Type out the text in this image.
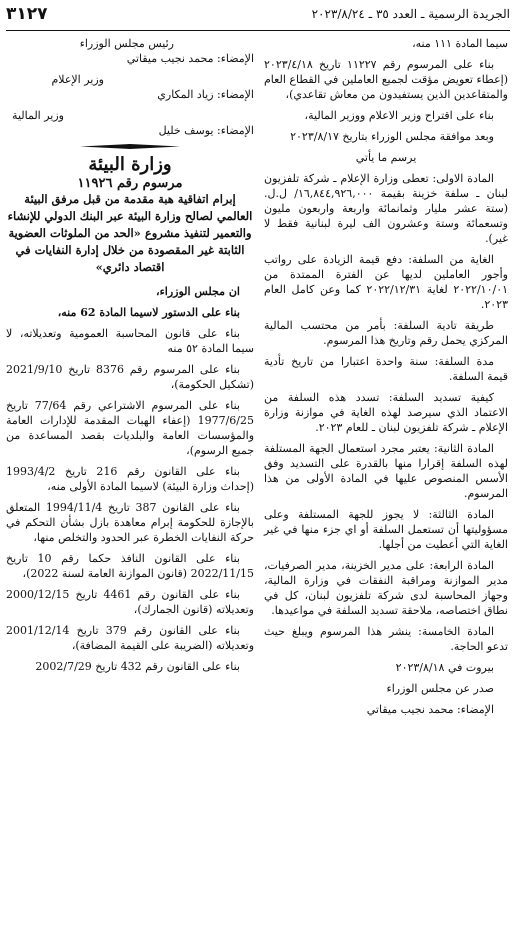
٣١٢٧	الجريدة الرسمية ـ العدد ٣٥ ـ ٢٠٢٣/٨/٢٤

سيما المادة ١١١ منه،

بناء على المرسوم رقم ١١٢٢٧ تاريخ ٢٠٢٣/٤/١٨ (إعطاء تعويض مؤقت لجميع العاملين في القطاع العام والمتقاعدين الذين يستفيدون من معاش تقاعدي)،

بناء على اقتراح وزير الاعلام ووزير المالية،

وبعد موافقة مجلس الوزراء بتاريخ ٢٠٢٣/٨/١٧

يرسم ما يأتي

المادة الاولى: تعطى وزارة الإعلام ـ شركة تلفزيون لبنان ـ سلفة خزينة بقيمة ١٦,٨٤٤,٩٢٦,٠٠٠/ ل.ل. (ستة عشر مليار وثمانمائة واربعة واربعون مليون وتسعمائة وستة وعشرون الف ليرة لبنانية فقط لا غير).

الغاية من السلفة: دفع قيمة الزيادة على رواتب وأجور العاملين لديها عن الفترة الممتدة من ٢٠٢٢/١٠/٠١ لغاية ٢٠٢٢/١٢/٣١ كما وعن كامل العام ٢٠٢٣.

طريقة تادية السلفة: بأمر من محتسب المالية المركزي يحمل رقم وتاريخ هذا المرسوم.

مدة السلفة: سنة واحدة اعتبارا من تاريخ تأدية قيمة السلفة.

كيفية تسديد السلفة: تسدد هذه السلفة من الاعتماد الذي سيرصد لهذه الغاية في موازنة وزارة الإعلام ـ شركة تلفزيون لبنان ـ للعام ٢٠٢٣.

المادة الثانية: يعتبر مجرد استعمال الجهة المستلفة لهذه السلفة إقرارا منها بالقدرة على التسديد وفق الأسس المنصوص عليها في المادة الأولى من هذا المرسوم.

المادة الثالثة: لا يجوز للجهة المستلفة وعلى مسؤوليتها أن تستعمل السلفة أو اي جزء منها في غير الغاية التي أعطيت من أجلها.

المادة الرابعة: على مدير الخزينة، مدير الصرفيات، مدير الموازنة ومراقبة النفقات في وزارة المالية، وجهاز المحاسبة لدى شركة تلفزيون لبنان، كل في نطاق اختصاصه، ملاحقة تسديد السلفة في مواعيدها.

المادة الخامسة: ينشر هذا المرسوم ويبلغ حيث تدعو الحاجة.

بيروت في ٢٠٢٣/٨/١٨

صدر عن مجلس الوزراء

الإمضاء: محمد نجيب ميقاتي

رئيس مجلس الوزراء
الإمضاء: محمد نجيب ميقاتي
وزير الإعلام
الإمضاء: زياد المكاري
وزير المالية
الإمضاء: يوسف خليل
وزارة البيئة
مرسوم رقم ١١٩٢٦
إبرام اتفاقية هبة مقدمة من قبل مرفق البيئة العالمي لصالح وزارة البيئة عبر البنك الدولي للإنشاء والتعمير لتنفيذ مشروع «الحد من الملوثات العضوية الثابتة غير المقصودة من خلال إدارة النفايات في اقتصاد دائري»

ان مجلس الوزراء،

بناء على الدستور لاسيما المادة 62 منه،

بناء على قانون المحاسبة العمومية وتعديلاته، لا سيما المادة ٥٢ منه

بناء على المرسوم رقم 8376 تاريخ 2021/9/10 (تشكيل الحكومة)،

بناء على المرسوم الاشتراعي رقم 77/64 تاريخ 1977/6/25 (إعفاء الهبات المقدمة للإدارات العامة والمؤسسات العامة والبلديات بقصد المساعدة من جميع الرسوم)،

بناء على القانون رقم 216 تاريخ 1993/4/2 (إحداث وزارة البيئة) لاسيما المادة الأولى منه،

بناء على القانون 387 تاريخ 1994/11/4 المتعلق بالإجازة للحكومة إبرام معاهدة بازل بشأن التحكم في حركة النفايات الخطرة عبر الحدود والتخلص منها،

بناء على القانون النافذ حكما رقم 10 تاريخ 2022/11/15 (قانون الموازنة العامة لسنة 2022)،

بناء على القانون رقم 4461 تاريخ 2000/12/15 وتعديلاته (قانون الجمارك)،

بناء على القانون رقم 379 تاريخ 2001/12/14 وتعديلاته (الضريبة على القيمة المضافة)،

بناء على القانون رقم 432 تاريخ 2002/7/29
